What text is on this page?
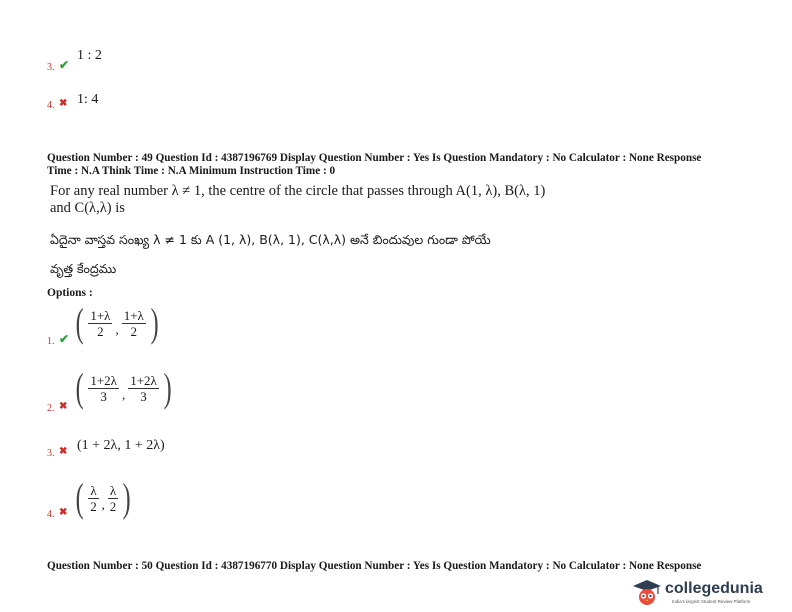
3. ✔
1 : 2
4. ✖ 1: 4
Question Number : 49 Question Id : 4387196769 Display Question Number : Yes Is Question Mandatory : No Calculator : None Response
Time : N.A Think Time : N.A Minimum Instruction Time : 0
For any real number λ ≠ 1, the centre of the circle that passes through A(1, λ), B(λ, 1)
and C(λ,λ) is
ఏదైనా వాస్తవ సంఖ్య λ ≠ 1 కు A (1, λ), B(λ, 1), C(λ,λ) అనే బిందువుల గుండా పోయే
వృత్త కేంద్రము
Options :
1. ✔ ( $\frac{1+\lambda}{2}$ , $\frac{1+\lambda}{2}$ )
2. ✖ ( $\frac{1+2\lambda}{3}$ , $\frac{1+2\lambda}{3}$ )
3. ✖ (1 + 2λ, 1 + 2λ)
4. ✖ ( $\frac{\lambda}{2}$ , $\frac{\lambda}{2}$ )
Question Number : 50 Question Id : 4387196770 Display Question Number : Yes Is Question Mandatory : No Calculator : None Response
collegedunia
India's largest Student Review Platform
